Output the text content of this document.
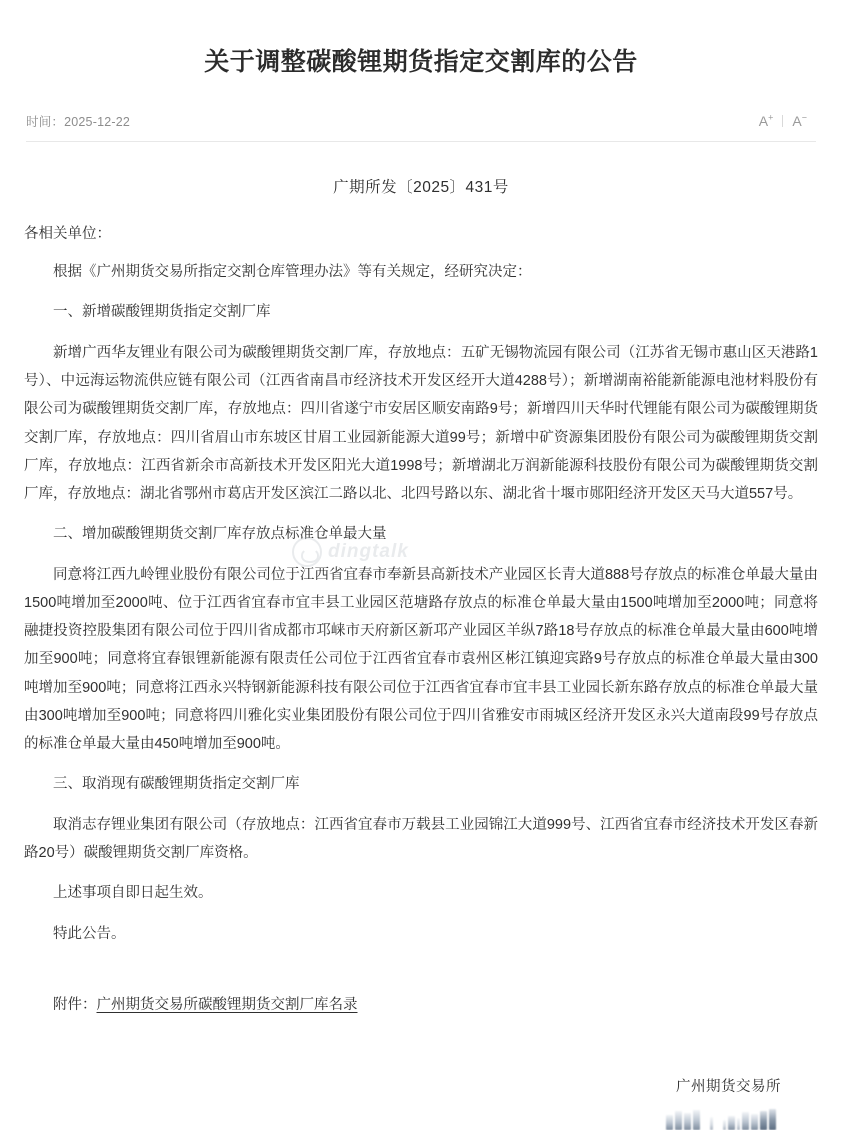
关于调整碳酸锂期货指定交割库的公告
时间：2025-12-22	A+	A−
广期所发〔2025〕431号
各相关单位：

根据《广州期货交易所指定交割仓库管理办法》等有关规定，经研究决定：

一、新增碳酸锂期货指定交割厂库

新增广西华友锂业有限公司为碳酸锂期货交割厂库，存放地点：五矿无锡物流园有限公司（江苏省无锡市惠山区天港路1号）、中远海运物流供应链有限公司（江西省南昌市经济技术开发区经开大道4288号）；新增湖南裕能新能源电池材料股份有限公司为碳酸锂期货交割厂库，存放地点：四川省遂宁市安居区顺安南路9号；新增四川天华时代锂能有限公司为碳酸锂期货交割厂库，存放地点：四川省眉山市东坡区甘眉工业园新能源大道99号；新增中矿资源集团股份有限公司为碳酸锂期货交割厂库，存放地点：江西省新余市高新技术开发区阳光大道1998号；新增湖北万润新能源科技股份有限公司为碳酸锂期货交割厂库，存放地点：湖北省鄂州市葛店开发区滨江二路以北、北四号路以东、湖北省十堰市郧阳经济开发区天马大道557号。

二、增加碳酸锂期货交割厂库存放点标准仓单最大量

同意将江西九岭锂业股份有限公司位于江西省宜春市奉新县高新技术产业园区长青大道888号存放点的标准仓单最大量由1500吨增加至2000吨、位于江西省宜春市宜丰县工业园区范塘路存放点的标准仓单最大量由1500吨增加至2000吨；同意将融捷投资控股集团有限公司位于四川省成都市邛崃市天府新区新邛产业园区羊纵7路18号存放点的标准仓单最大量由600吨增加至900吨；同意将宜春银锂新能源有限责任公司位于江西省宜春市袁州区彬江镇迎宾路9号存放点的标准仓单最大量由300吨增加至900吨；同意将江西永兴特钢新能源科技有限公司位于江西省宜春市宜丰县工业园长新东路存放点的标准仓单最大量由300吨增加至900吨；同意将四川雅化实业集团股份有限公司位于四川省雅安市雨城区经济开发区永兴大道南段99号存放点的标准仓单最大量由450吨增加至900吨。

三、取消现有碳酸锂期货指定交割厂库

取消志存锂业集团有限公司（存放地点：江西省宜春市万载县工业园锦江大道999号、江西省宜春市经济技术开发区春新路20号）碳酸锂期货交割厂库资格。

上述事项自即日起生效。

特此公告。

附件：广州期货交易所碳酸锂期货交割厂库名录
广州期货交易所
dingtalk
